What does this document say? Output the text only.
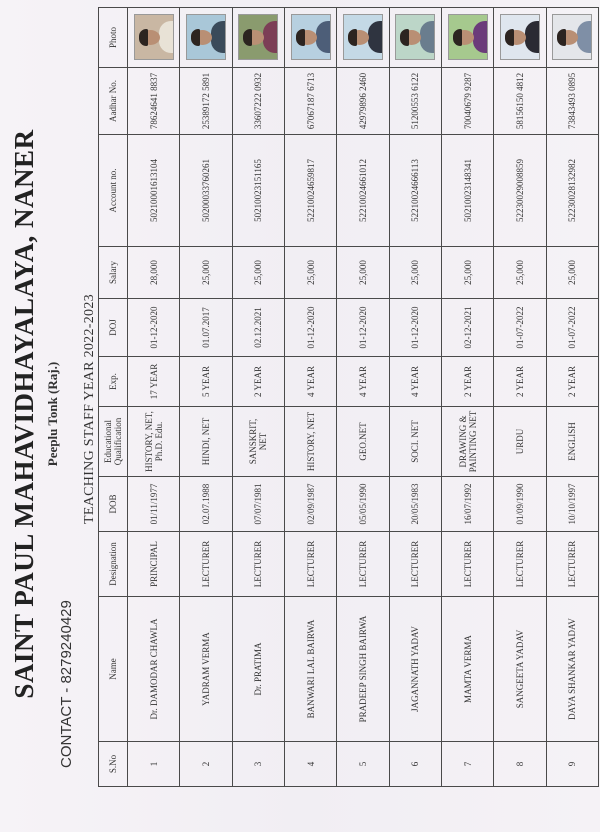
SAINT PAUL MAHAVIDHAYALAYA, NANER Peeplu Tonk (Raj.)
CONTACT - 8279240429
TEACHING STAFF YEAR 2022-2023
S.No	Name	Designation	DOB	Educational Qualification	Exp.	DOJ	Salary	Account no.	Aadhar No.	Photo
1	Dr. DAMODAR CHAWLA	PRINCIPAL	01/11/1977	HISTORY, NET, Ph.D. Edu.	17 YEAR	01-12-2020	28,000	50210001613104	78624641 8837	

2	YADRAM VERMA	LECTURER	02.07.1988	HINDI, NET	5 YEAR	01.07.2017	25,000	50200033760261	25389172 5891	

3	Dr. PRATIMA	LECTURER	07/07/1981	SANSKRIT, NET	2 YEAR	02.12.2021	25,000	50210023151165	33607222 0932	

4	BANWARI LAL BAIRWA	LECTURER	02/09/1987	HISTORY, NET	4 YEAR	01-12-2020	25,000	52210024659817	67067187 6713	

5	PRADEEP SINGH BAIRWA	LECTURER	05/05/1990	GEO.NET	4 YEAR	01-12-2020	25,000	52210024661012	42979896 2460	

6	JAGANNATH YADAV	LECTURER	20/05/1983	SOCI. NET	4 YEAR	01-12-2020	25,000	52210024666113	51200553 6122	

7	MAMTA VERMA	LECTURER	16/07/1992	DRAWING & PAINTING NET	2 YEAR	02-12-2021	25,000	50210023148341	70040679 9287	

8	SANGEETA YADAV	LECTURER	01/09/1990	URDU	2 YEAR	01-07-2022	25,000	52230029008859	58156150 4812	

9	DAYA SHANKAR YADAV	LECTURER	10/10/1997	ENGLISH	2 YEAR	01-07-2022	25,000	52230028132982	73843493 0895	
